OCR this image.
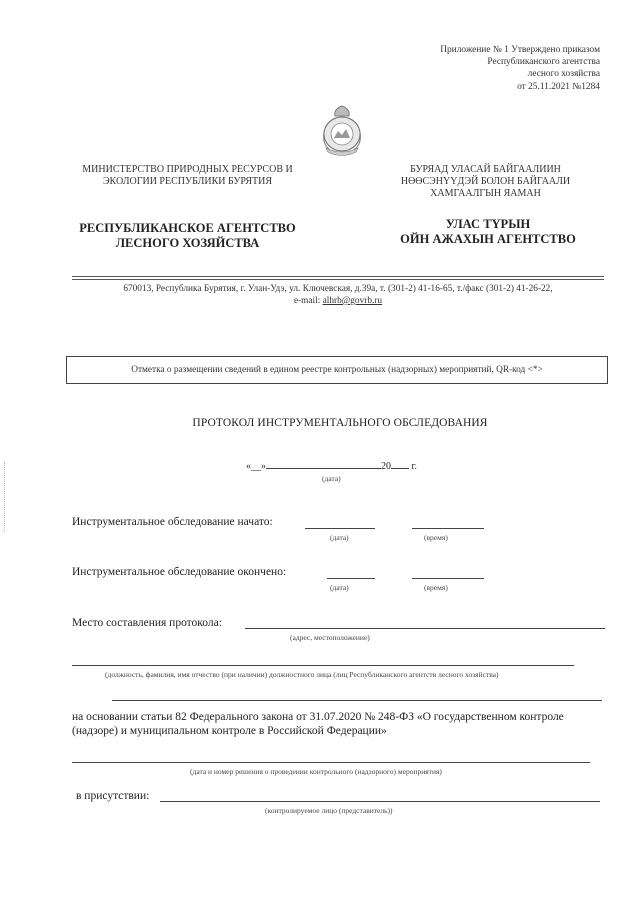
Приложение № 1 Утверждено приказом
Республиканского агентства
лесного хозяйства
от 25.11.2021 №1284
МИНИСТЕРСТВО ПРИРОДНЫХ РЕСУРСОВ И
ЭКОЛОГИИ РЕСПУБЛИКИ БУРЯТИЯ
БУРЯАД УЛАСАЙ БАЙГААЛИИН
НӨӨСЭНҮҮДЭЙ БОЛОН БАЙГААЛИ
ХАМГААЛГЫН ЯАМАН
РЕСПУБЛИКАНСКОЕ АГЕНТСТВО
ЛЕСНОГО ХОЗЯЙСТВА
УЛАС ТҮРЫН
ОЙН АЖАХЫН АГЕНТСТВО
670013, Республика Бурятия, г. Улан-Удэ, ул. Ключевская, д.39а, т. (301-2) 41-16-65, т./факс (301-2) 41-26-22,
e-mail: alhrb@govrb.ru
Отметка о размещении сведений в едином реестре контрольных (надзорных) мероприятий, QR-код <*>
ПРОТОКОЛ ИНСТРУМЕНТАЛЬНОГО ОБСЛЕДОВАНИЯ
«__»	20 г.
(дата)
Инструментальное обследование начато:
(дата)	(время)
Инструментальное обследование окончено:
(дата)	(время)
Место составления протокола:
(адрес, местоположение)
(должность, фамилия, имя отчество (при наличии) должностного лица (лиц Республиканского агентств лесного хозяйства)
на основании статьи 82 Федерального закона от 31.07.2020 № 248-ФЗ «О государственном контроле (надзоре) и муниципальном контроле в Российской Федерации»
(дата и номер решения о проведении контрольного (надзорного) мероприятия)
в присутствии:
(контролируемое лицо (представитель))
